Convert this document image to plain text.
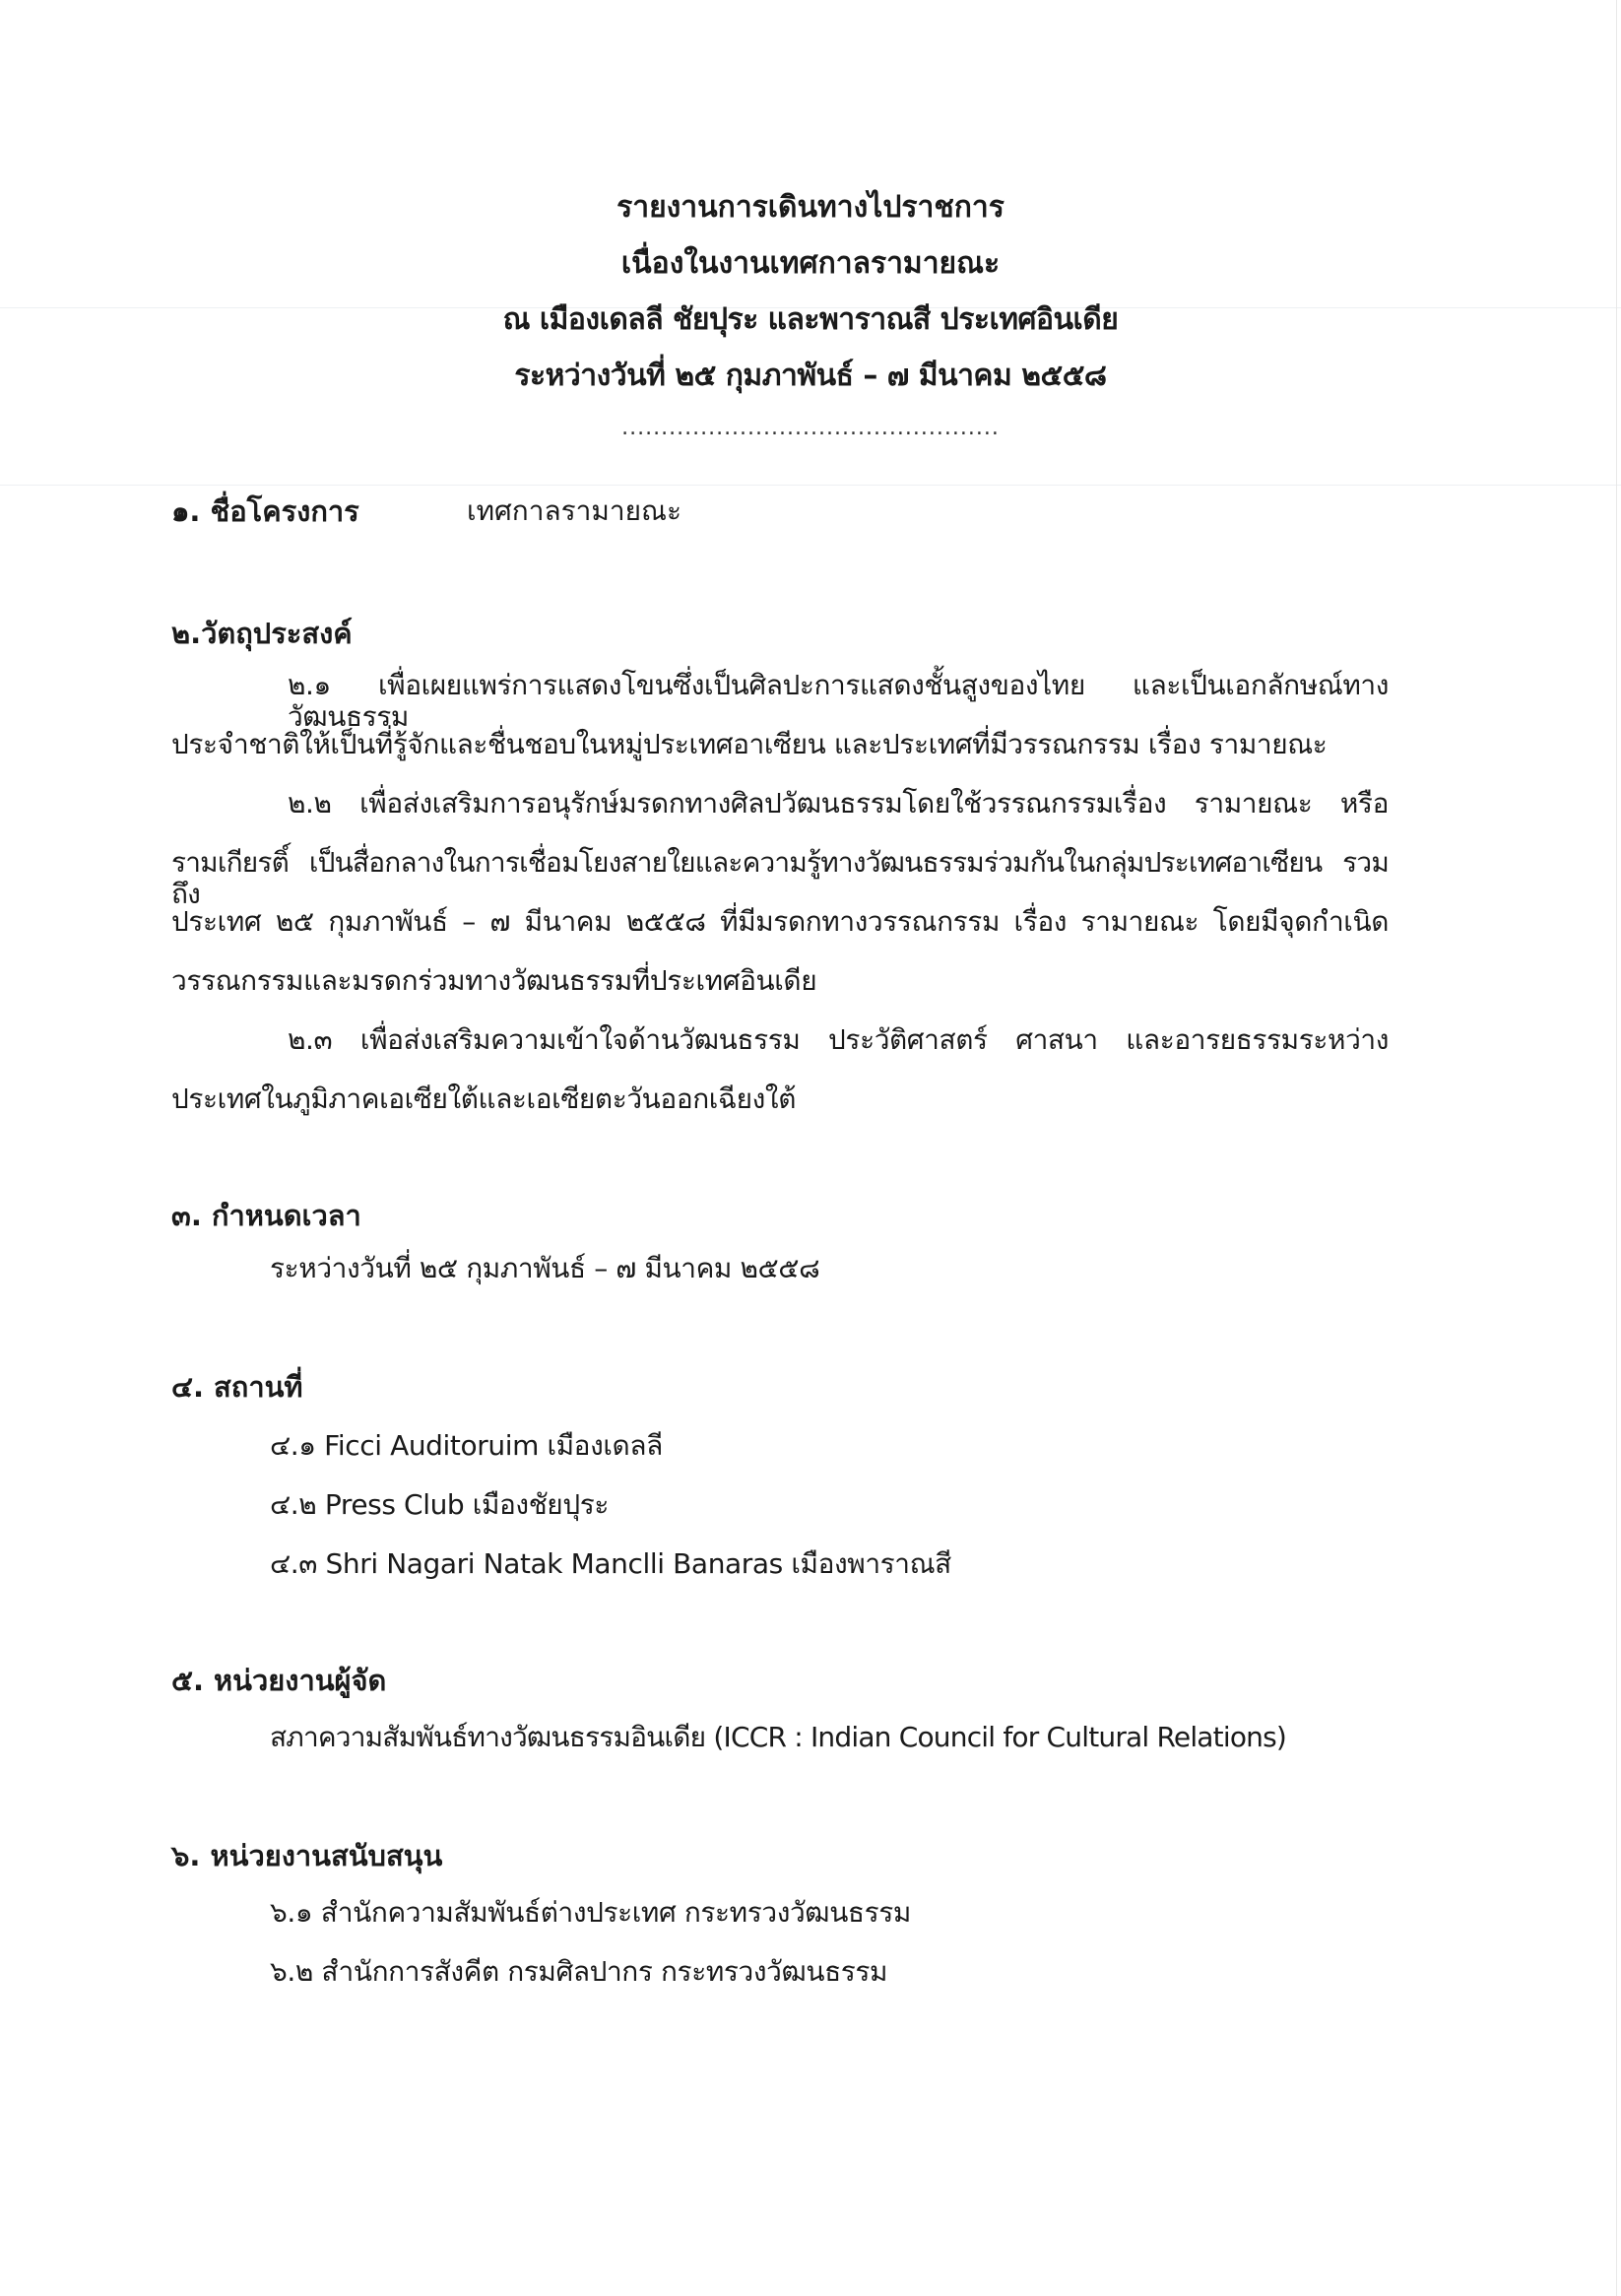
รายงานการเดินทางไปราชการ
เนื่องในงานเทศกาลรามายณะ
ณ เมืองเดลลี ชัยปุระ และพาราณสี ประเทศอินเดีย
ระหว่างวันที่ ๒๕ กุมภาพันธ์ – ๗ มีนาคม ๒๕๕๘
................................................
๑. ชื่อโครงการ	เทศกาลรามายณะ
๒.วัตถุประสงค์
๒.๑ เพื่อเผยแพร่การแสดงโขนซึ่งเป็นศิลปะการแสดงชั้นสูงของไทย และเป็นเอกลักษณ์ทางวัฒนธรรม
ประจำชาติให้เป็นที่รู้จักและชื่นชอบในหมู่ประเทศอาเซียน และประเทศที่มีวรรณกรรม เรื่อง รามายณะ
๒.๒ เพื่อส่งเสริมการอนุรักษ์มรดกทางศิลปวัฒนธรรมโดยใช้วรรณกรรมเรื่อง รามายณะ หรือ
รามเกียรติ์ เป็นสื่อกลางในการเชื่อมโยงสายใยและความรู้ทางวัฒนธรรมร่วมกันในกลุ่มประเทศอาเซียน รวมถึง
ประเทศ ๒๕ กุมภาพันธ์ – ๗ มีนาคม ๒๕๕๘ ที่มีมรดกทางวรรณกรรม เรื่อง รามายณะ โดยมีจุดกำเนิด
วรรณกรรมและมรดกร่วมทางวัฒนธรรมที่ประเทศอินเดีย
๒.๓ เพื่อส่งเสริมความเข้าใจด้านวัฒนธรรม ประวัติศาสตร์ ศาสนา และอารยธรรมระหว่าง
ประเทศในภูมิภาคเอเซียใต้และเอเซียตะวันออกเฉียงใต้
๓. กำหนดเวลา
ระหว่างวันที่ ๒๕ กุมภาพันธ์ – ๗ มีนาคม ๒๕๕๘
๔. สถานที่
๔.๑ Ficci Auditoruim เมืองเดลลี
๔.๒ Press Club เมืองชัยปุระ
๔.๓ Shri Nagari Natak Manclli Banaras เมืองพาราณสี
๕. หน่วยงานผู้จัด
สภาความสัมพันธ์ทางวัฒนธรรมอินเดีย (ICCR : Indian Council for Cultural Relations)
๖. หน่วยงานสนับสนุน
๖.๑ สำนักความสัมพันธ์ต่างประเทศ กระทรวงวัฒนธรรม
๖.๒ สำนักการสังคีต กรมศิลปากร กระทรวงวัฒนธรรม
